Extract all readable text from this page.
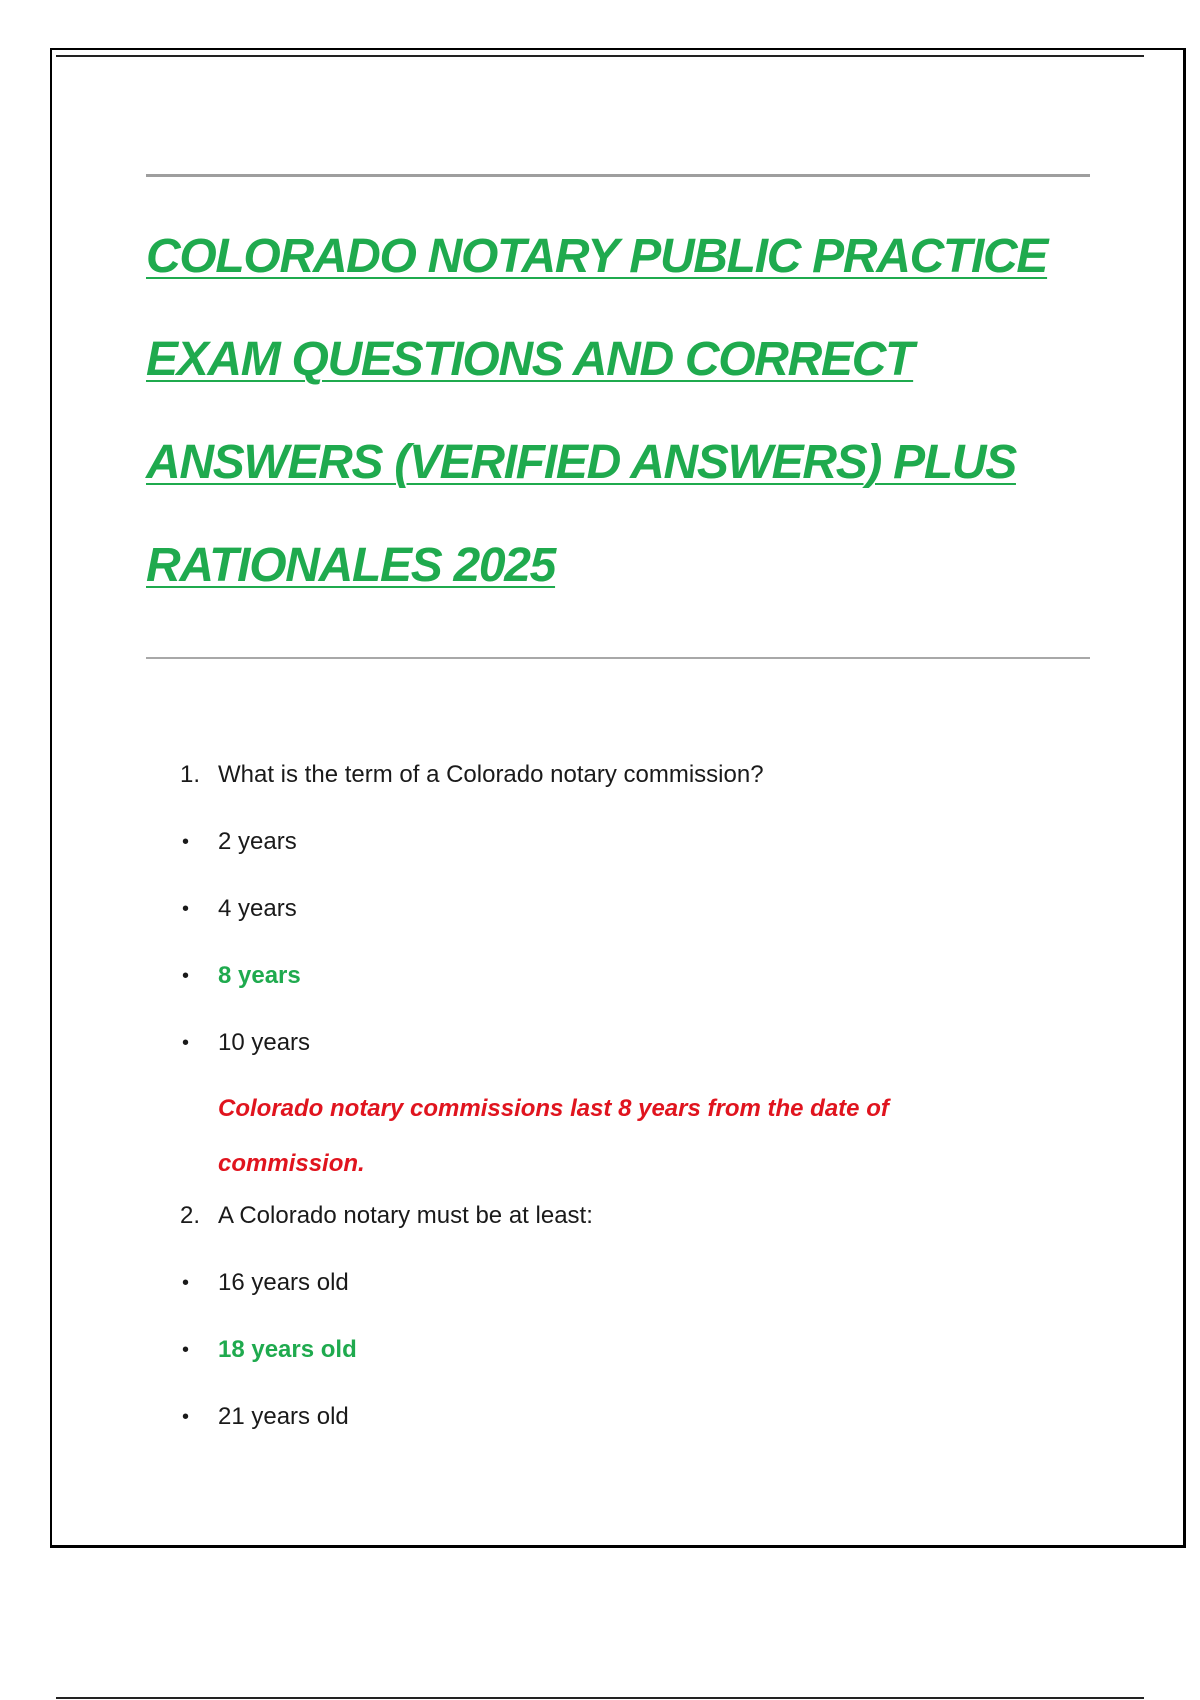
COLORADO NOTARY PUBLIC PRACTICE
EXAM QUESTIONS AND CORRECT
ANSWERS (VERIFIED ANSWERS) PLUS
RATIONALES 2025
1. What is the term of a Colorado notary commission?
• 2 years
• 4 years
• 8 years
• 10 years
Colorado notary commissions last 8 years from the date of
commission.
2. A Colorado notary must be at least:
• 16 years old
• 18 years old
• 21 years old
